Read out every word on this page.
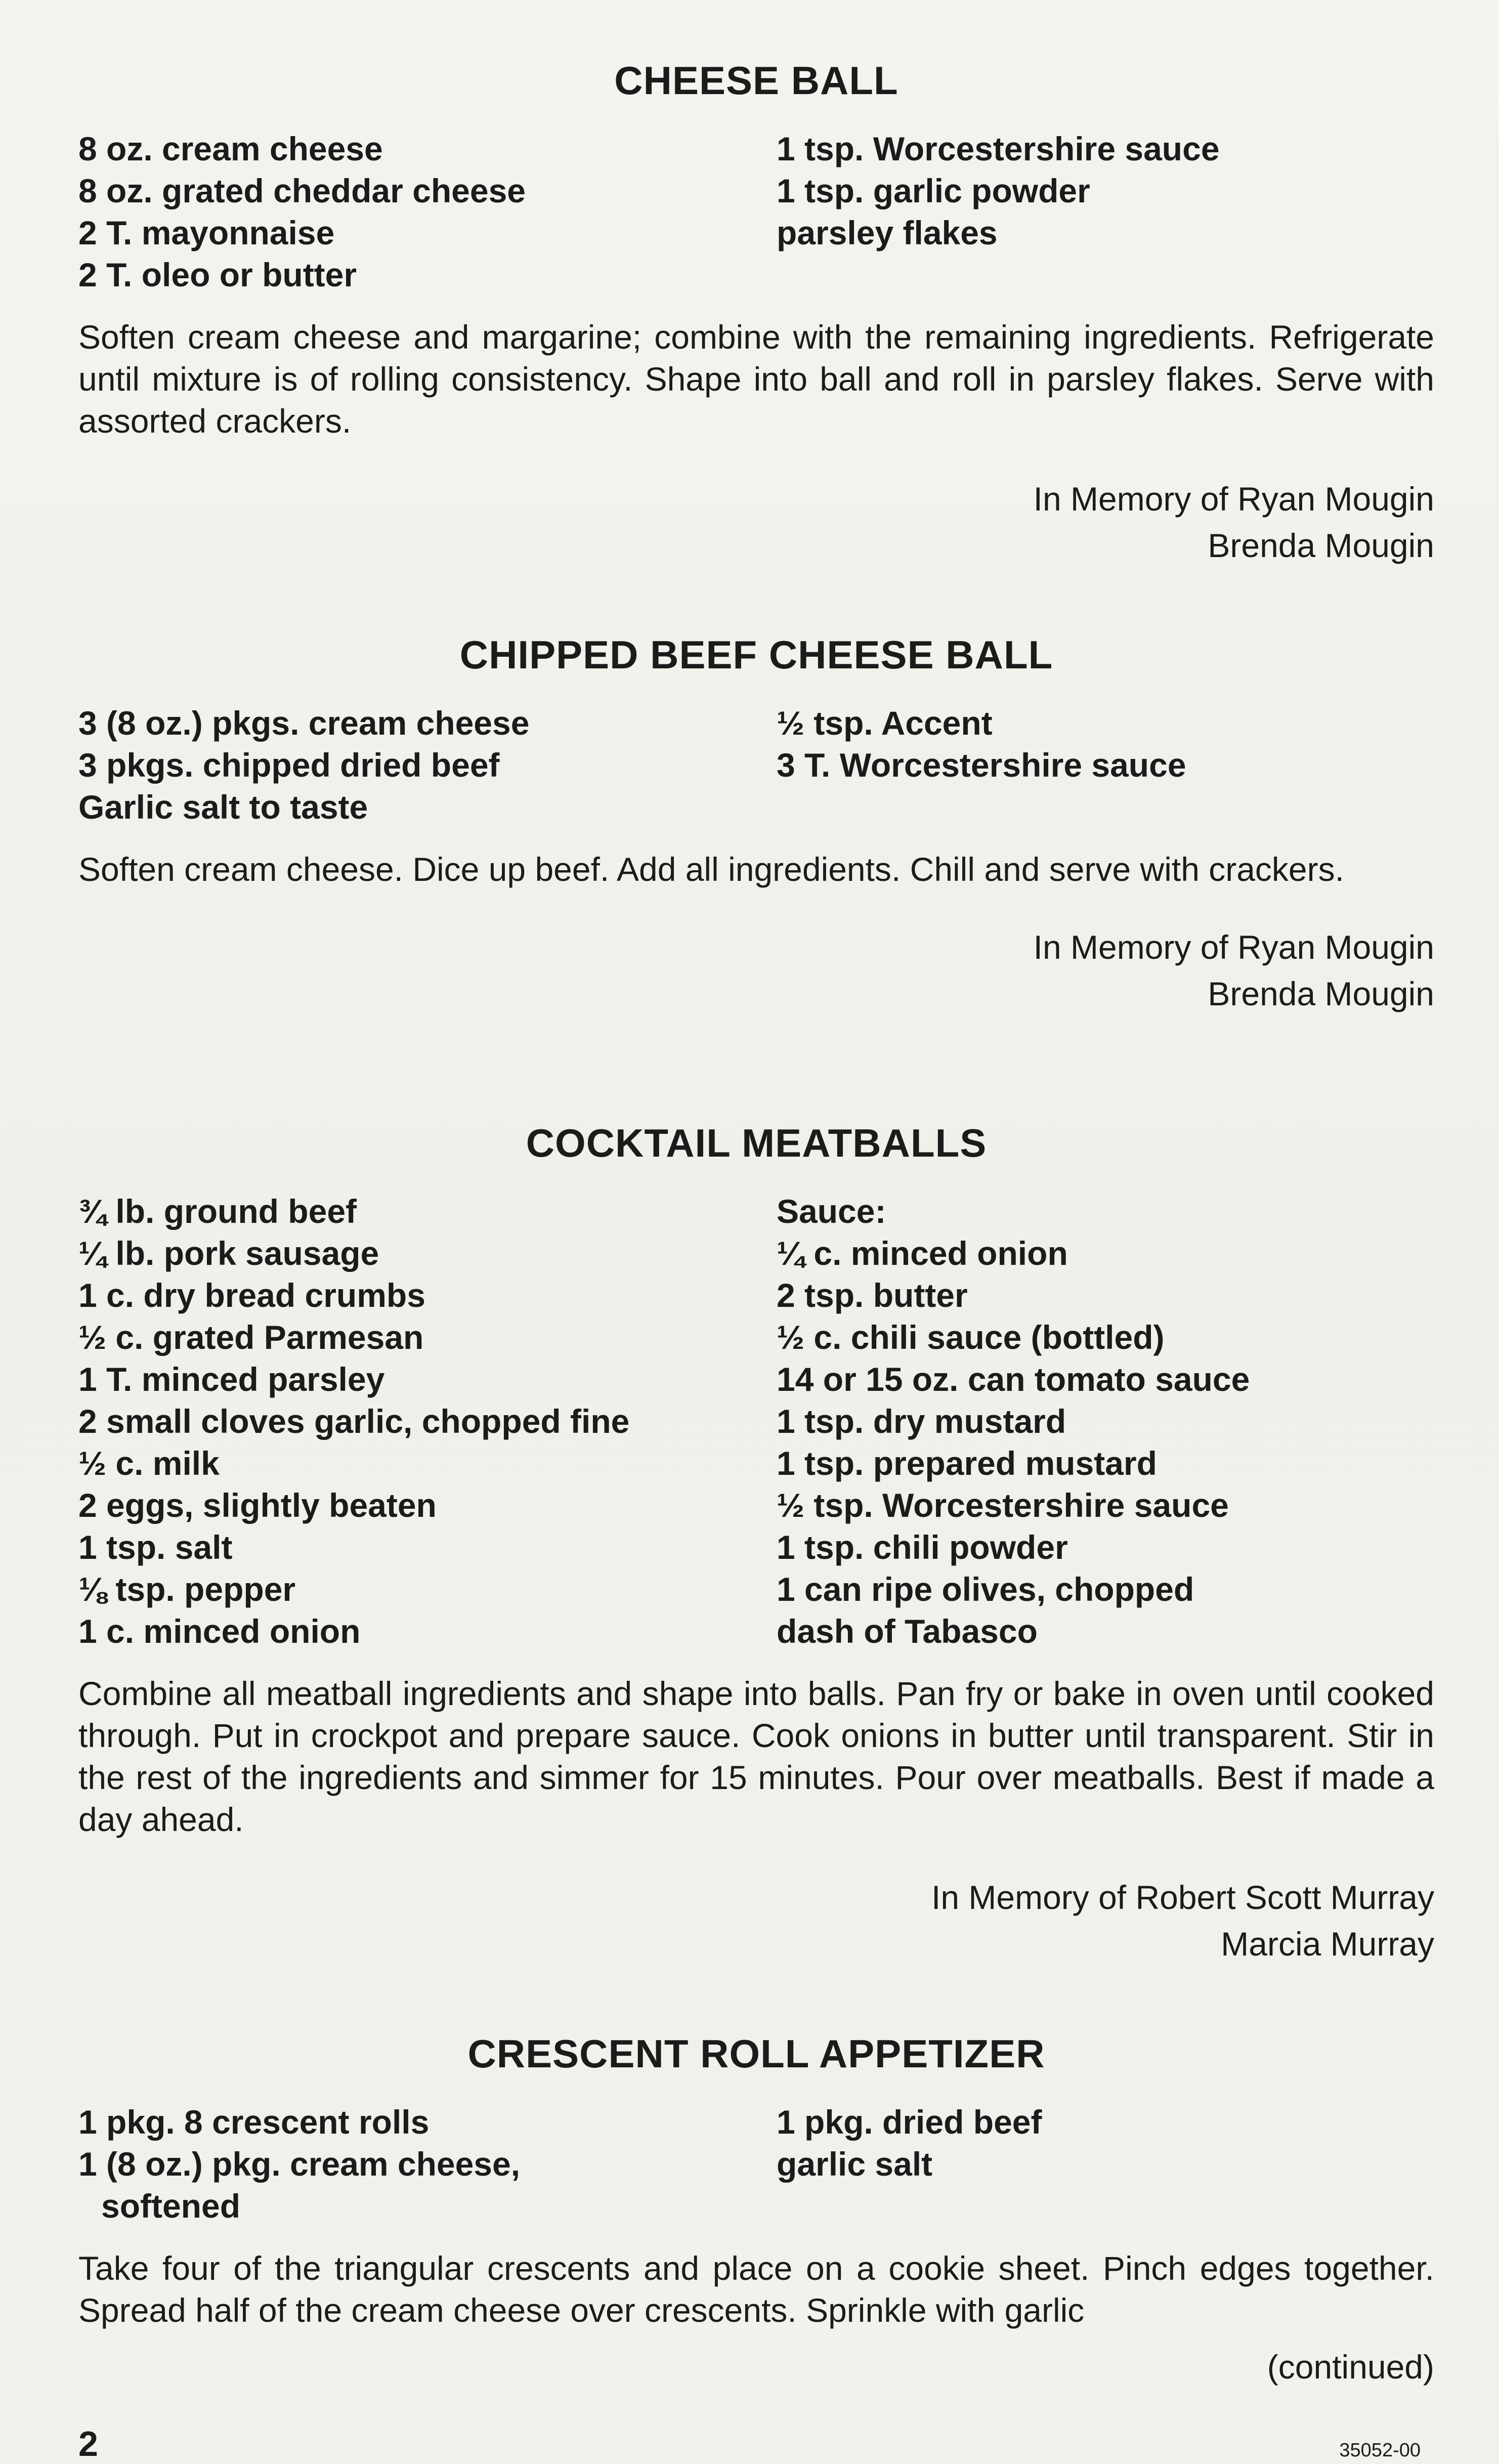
CHEESE BALL
8 oz. cream cheese
8 oz. grated cheddar cheese
2 T. mayonnaise
2 T. oleo or butter
1 tsp. Worcestershire sauce
1 tsp. garlic powder
parsley flakes

Soften cream cheese and margarine; combine with the remaining ingredients. Refrigerate until mixture is of rolling consistency. Shape into ball and roll in parsley flakes. Serve with assorted crackers.

In Memory of Ryan Mougin
Brenda Mougin
CHIPPED BEEF CHEESE BALL
3 (8 oz.) pkgs. cream cheese
3 pkgs. chipped dried beef
Garlic salt to taste
½ tsp. Accent
3 T. Worcestershire sauce

Soften cream cheese. Dice up beef. Add all ingredients. Chill and serve with crackers.

In Memory of Ryan Mougin
Brenda Mougin
COCKTAIL MEATBALLS
¾ lb. ground beef
¼ lb. pork sausage
1 c. dry bread crumbs
½ c. grated Parmesan
1 T. minced parsley
2 small cloves garlic, chopped fine
½ c. milk
2 eggs, slightly beaten
1 tsp. salt
⅛ tsp. pepper
1 c. minced onion
Sauce:
¼ c. minced onion
2 tsp. butter
½ c. chili sauce (bottled)
14 or 15 oz. can tomato sauce
1 tsp. dry mustard
1 tsp. prepared mustard
½ tsp. Worcestershire sauce
1 tsp. chili powder
1 can ripe olives, chopped
dash of Tabasco

Combine all meatball ingredients and shape into balls. Pan fry or bake in oven until cooked through. Put in crockpot and prepare sauce. Cook onions in butter until transparent. Stir in the rest of the ingredients and simmer for 15 minutes. Pour over meatballs. Best if made a day ahead.

In Memory of Robert Scott Murray
Marcia Murray
CRESCENT ROLL APPETIZER
1 pkg. 8 crescent rolls
1 (8 oz.) pkg. cream cheese,
softened
1 pkg. dried beef
garlic salt

Take four of the triangular crescents and place on a cookie sheet. Pinch edges together. Spread half of the cream cheese over crescents. Sprinkle with garlic

(continued)
2	35052-00
